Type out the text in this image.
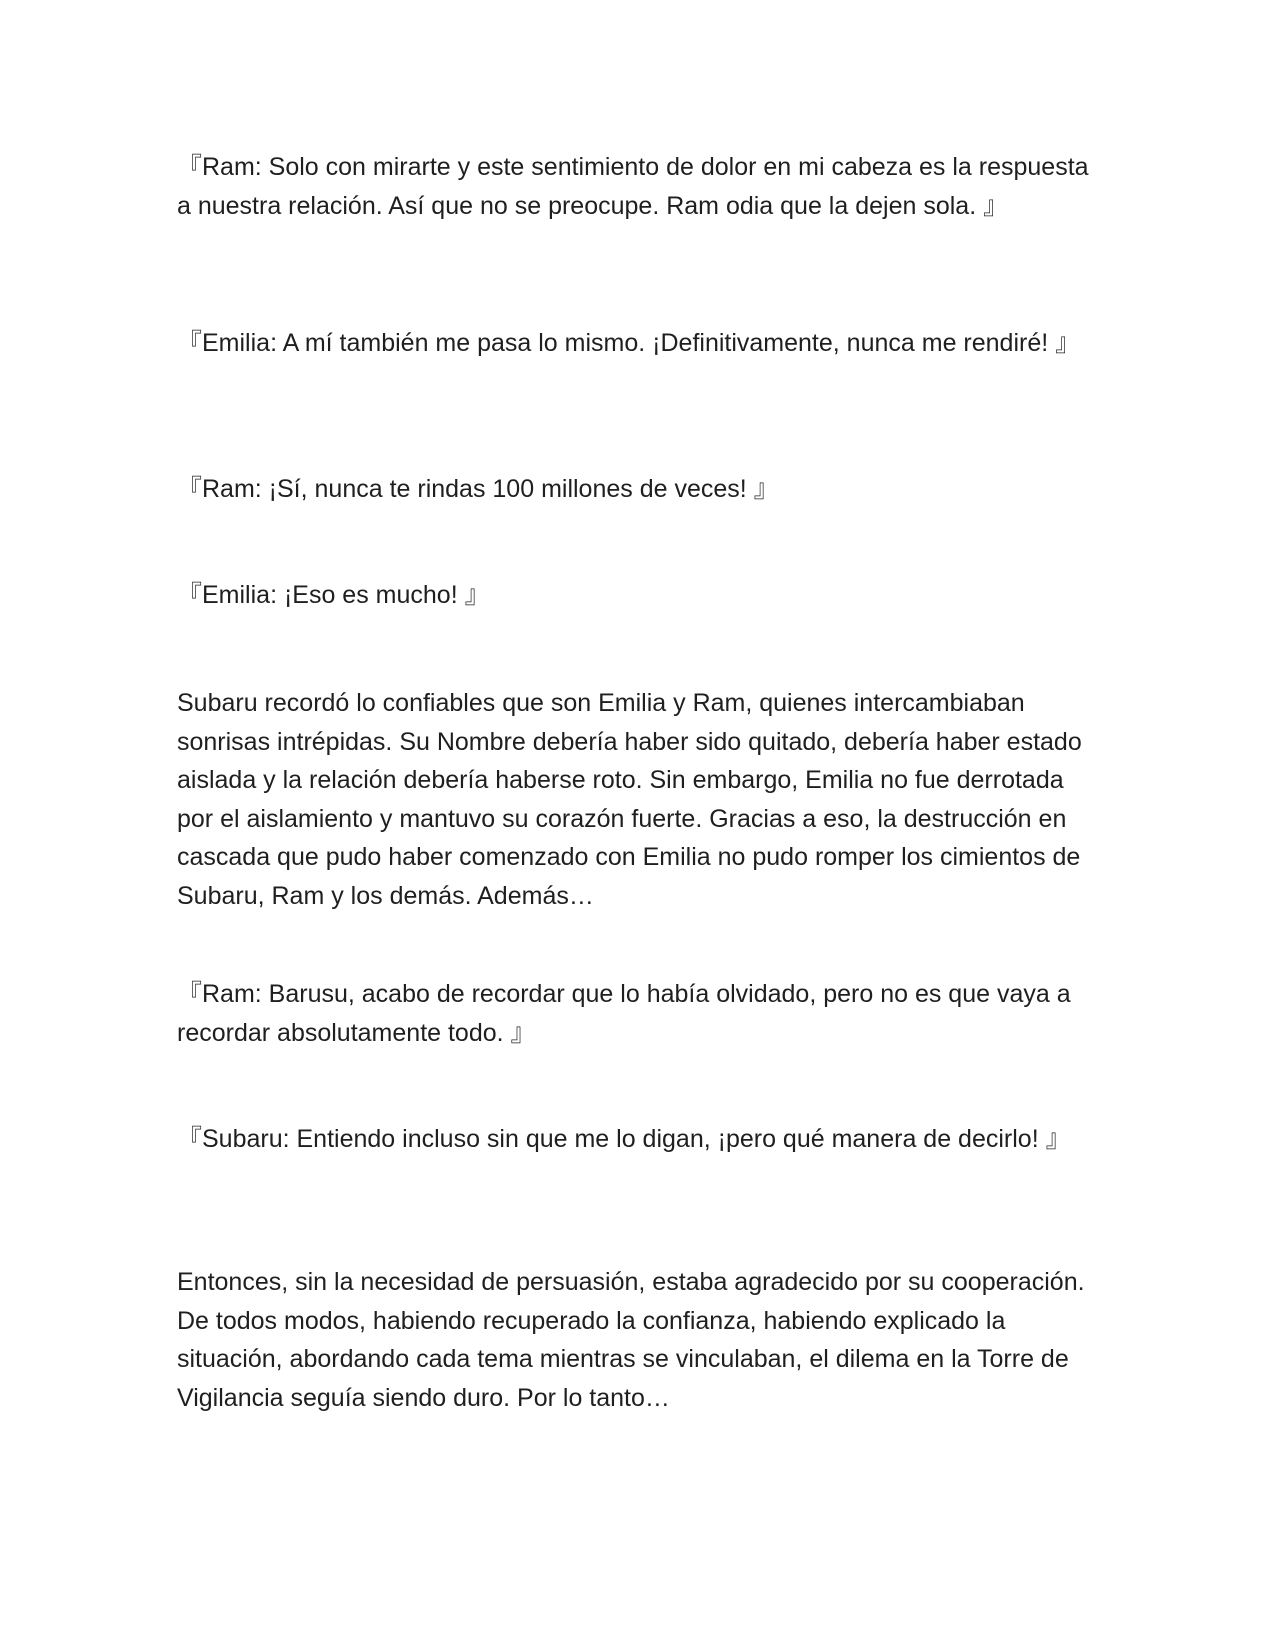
『Ram: Solo con mirarte y este sentimiento de dolor en mi cabeza es la respuesta a nuestra relación. Así que no se preocupe. Ram odia que la dejen sola. 』

『Emilia: A mí también me pasa lo mismo. ¡Definitivamente, nunca me rendiré! 』

『Ram: ¡Sí, nunca te rindas 100 millones de veces! 』

『Emilia: ¡Eso es mucho! 』

Subaru recordó lo confiables que son Emilia y Ram, quienes intercambiaban sonrisas intrépidas. Su Nombre debería haber sido quitado, debería haber estado aislada y la relación debería haberse roto. Sin embargo, Emilia no fue derrotada por el aislamiento y mantuvo su corazón fuerte. Gracias a eso, la destrucción en cascada que pudo haber comenzado con Emilia no pudo romper los cimientos de Subaru, Ram y los demás. Además…

『Ram: Barusu, acabo de recordar que lo había olvidado, pero no es que vaya a recordar absolutamente todo. 』

『Subaru: Entiendo incluso sin que me lo digan, ¡pero qué manera de decirlo! 』

Entonces, sin la necesidad de persuasión, estaba agradecido por su cooperación. De todos modos, habiendo recuperado la confianza, habiendo explicado la situación, abordando cada tema mientras se vinculaban, el dilema en la Torre de Vigilancia seguía siendo duro. Por lo tanto…
